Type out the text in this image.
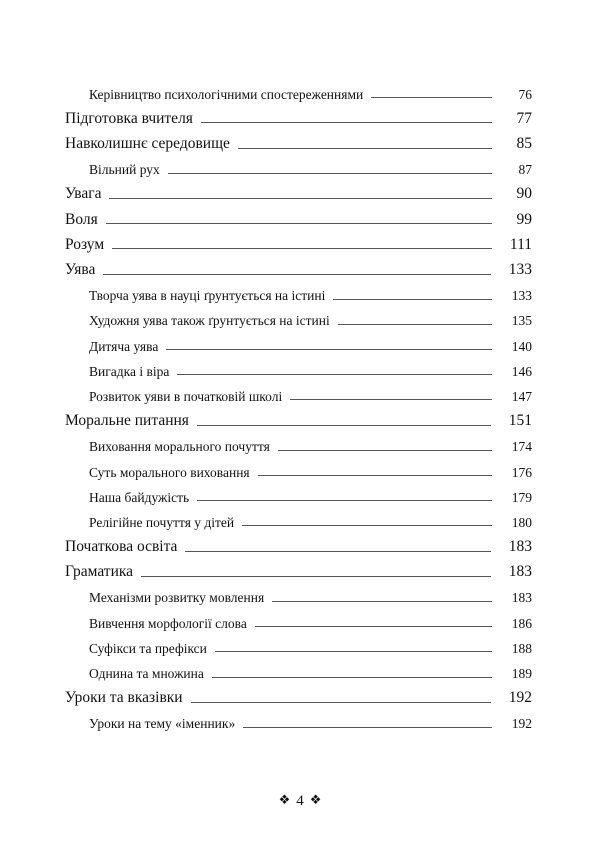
Керівництво психологічними спостереженнями	76
Підготовка вчителя	77
Навколишнє середовище	85
Вільний рух	87
Увага	90
Воля	99
Розум	111
Уява	133
Творча уява в науці ґрунтується на істині	133
Художня уява також ґрунтується на істині	135
Дитяча уява	140
Вигадка і віра	146
Розвиток уяви в початковій школі	147
Моральне питання	151
Виховання морального почуття	174
Суть морального виховання	176
Наша байдужість	179
Релігійне почуття у дітей	180
Початкова освіта	183
Граматика	183
Механізми розвитку мовлення	183
Вивчення морфології слова	186
Суфікси та префікси	188
Однина та множина	189
Уроки та вказівки	192
Уроки на тему «іменник»	192
❖ 4 ❖
